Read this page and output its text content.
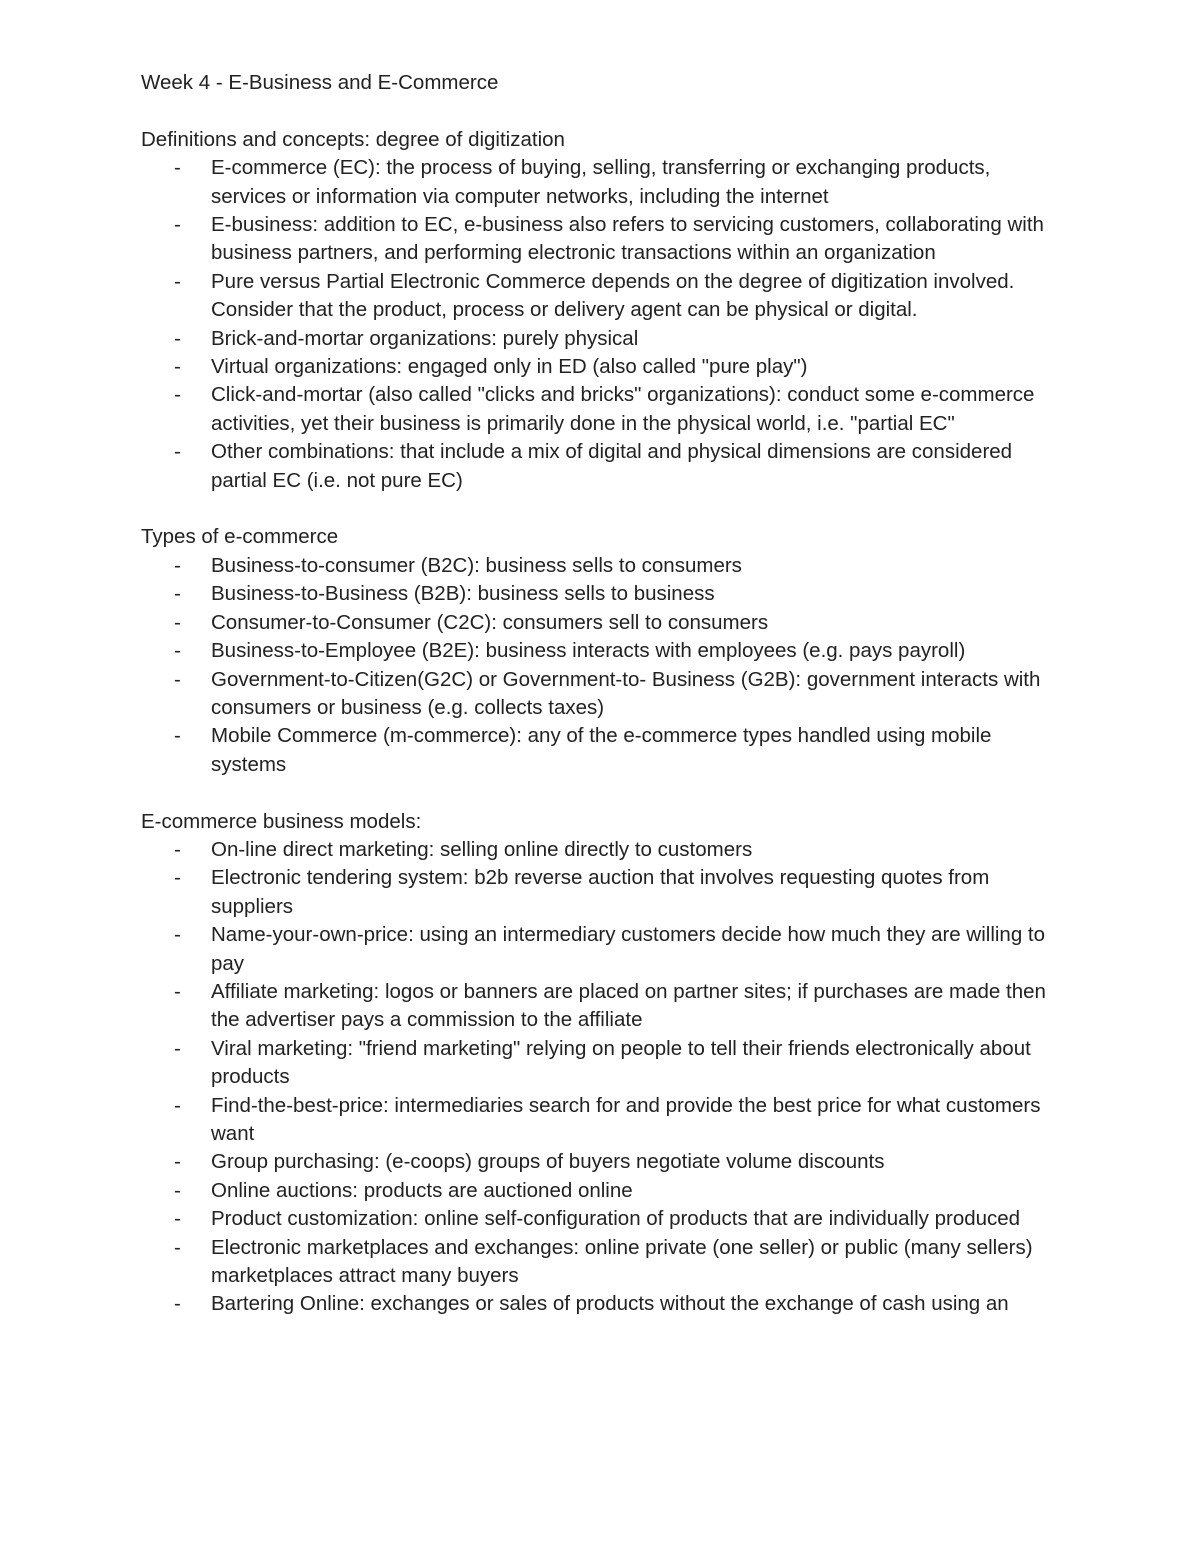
Week 4 - E-Business and E-Commerce
Definitions and concepts: degree of digitization
- E-commerce (EC): the process of buying, selling, transferring or exchanging products, services or information via computer networks, including the internet
- E-business: addition to EC, e-business also refers to servicing customers, collaborating with business partners, and performing electronic transactions within an organization
- Pure versus Partial Electronic Commerce depends on the degree of digitization involved. Consider that the product, process or delivery agent can be physical or digital.
- Brick-and-mortar organizations: purely physical
- Virtual organizations: engaged only in ED (also called "pure play")
- Click-and-mortar (also called "clicks and bricks" organizations): conduct some e-commerce activities, yet their business is primarily done in the physical world, i.e. "partial EC"
- Other combinations: that include a mix of digital and physical dimensions are considered partial EC (i.e. not pure EC)
Types of e-commerce
- Business-to-consumer (B2C): business sells to consumers
- Business-to-Business (B2B): business sells to business
- Consumer-to-Consumer (C2C): consumers sell to consumers
- Business-to-Employee (B2E): business interacts with employees (e.g. pays payroll)
- Government-to-Citizen(G2C) or Government-to- Business (G2B): government interacts with consumers or business (e.g. collects taxes)
- Mobile Commerce (m-commerce): any of the e-commerce types handled using mobile systems
E-commerce business models:
- On-line direct marketing: selling online directly to customers
- Electronic tendering system: b2b reverse auction that involves requesting quotes from suppliers
- Name-your-own-price: using an intermediary customers decide how much they are willing to pay
- Affiliate marketing: logos or banners are placed on partner sites; if purchases are made then the advertiser pays a commission to the affiliate
- Viral marketing: "friend marketing" relying on people to tell their friends electronically about products
- Find-the-best-price: intermediaries search for and provide the best price for what customers want
- Group purchasing: (e-coops) groups of buyers negotiate volume discounts
- Online auctions: products are auctioned online
- Product customization: online self-configuration of products that are individually produced
- Electronic marketplaces and exchanges: online private (one seller) or public (many sellers) marketplaces attract many buyers
- Bartering Online: exchanges or sales of products without the exchange of cash using an
